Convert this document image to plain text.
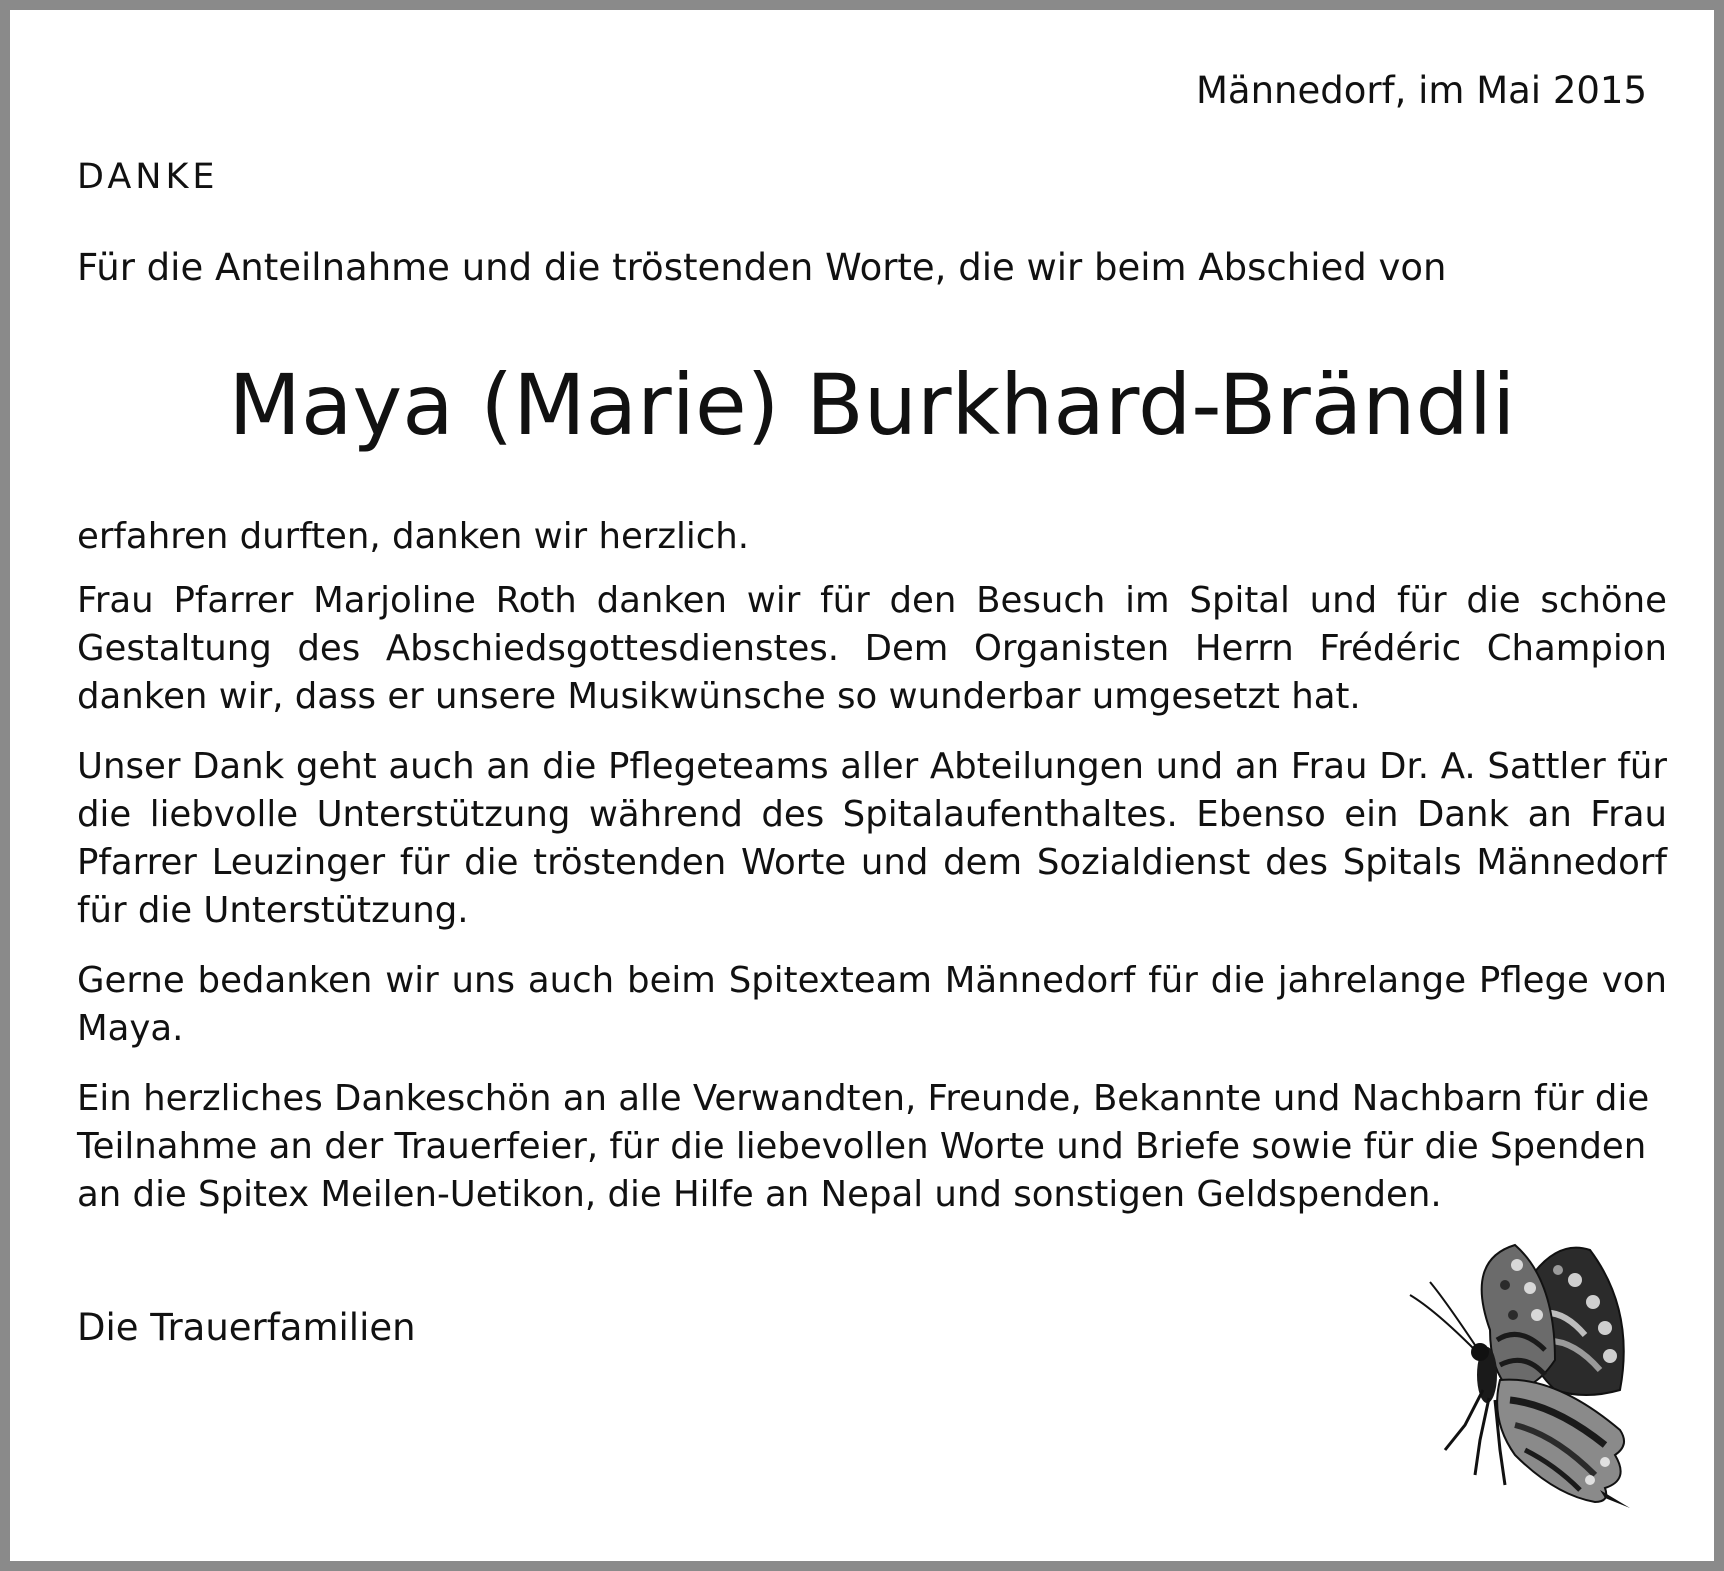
Männedorf, im Mai 2015
DANKE
Für die Anteilnahme und die tröstenden Worte, die wir beim Abschied von
Maya (Marie) Burkhard-Brändli

erfahren durften, danken wir herzlich.

Frau Pfarrer Marjoline Roth danken wir für den Besuch im Spital und für die schöne Gestaltung des Abschiedsgottesdienstes. Dem Organisten Herrn Frédéric Champion danken wir, dass er unsere Musikwünsche so wunderbar umgesetzt hat.

Unser Dank geht auch an die Pflegeteams aller Abteilungen und an Frau Dr. A. Sattler für die liebvolle Unterstützung während des Spitalaufenthaltes. Ebenso ein Dank an Frau Pfarrer Leuzinger für die tröstenden Worte und dem Sozialdienst des Spitals Männedorf für die Unterstützung.

Gerne bedanken wir uns auch beim Spitexteam Männedorf für die jahrelange Pflege von Maya.

Ein herzliches Dankeschön an alle Verwandten, Freunde, Bekannte und Nachbarn für die Teilnahme an der Trauerfeier, für die liebevollen Worte und Briefe sowie für die Spenden an die Spitex Meilen-Uetikon, die Hilfe an Nepal und sonstigen Geldspenden.

Die Trauerfamilien
